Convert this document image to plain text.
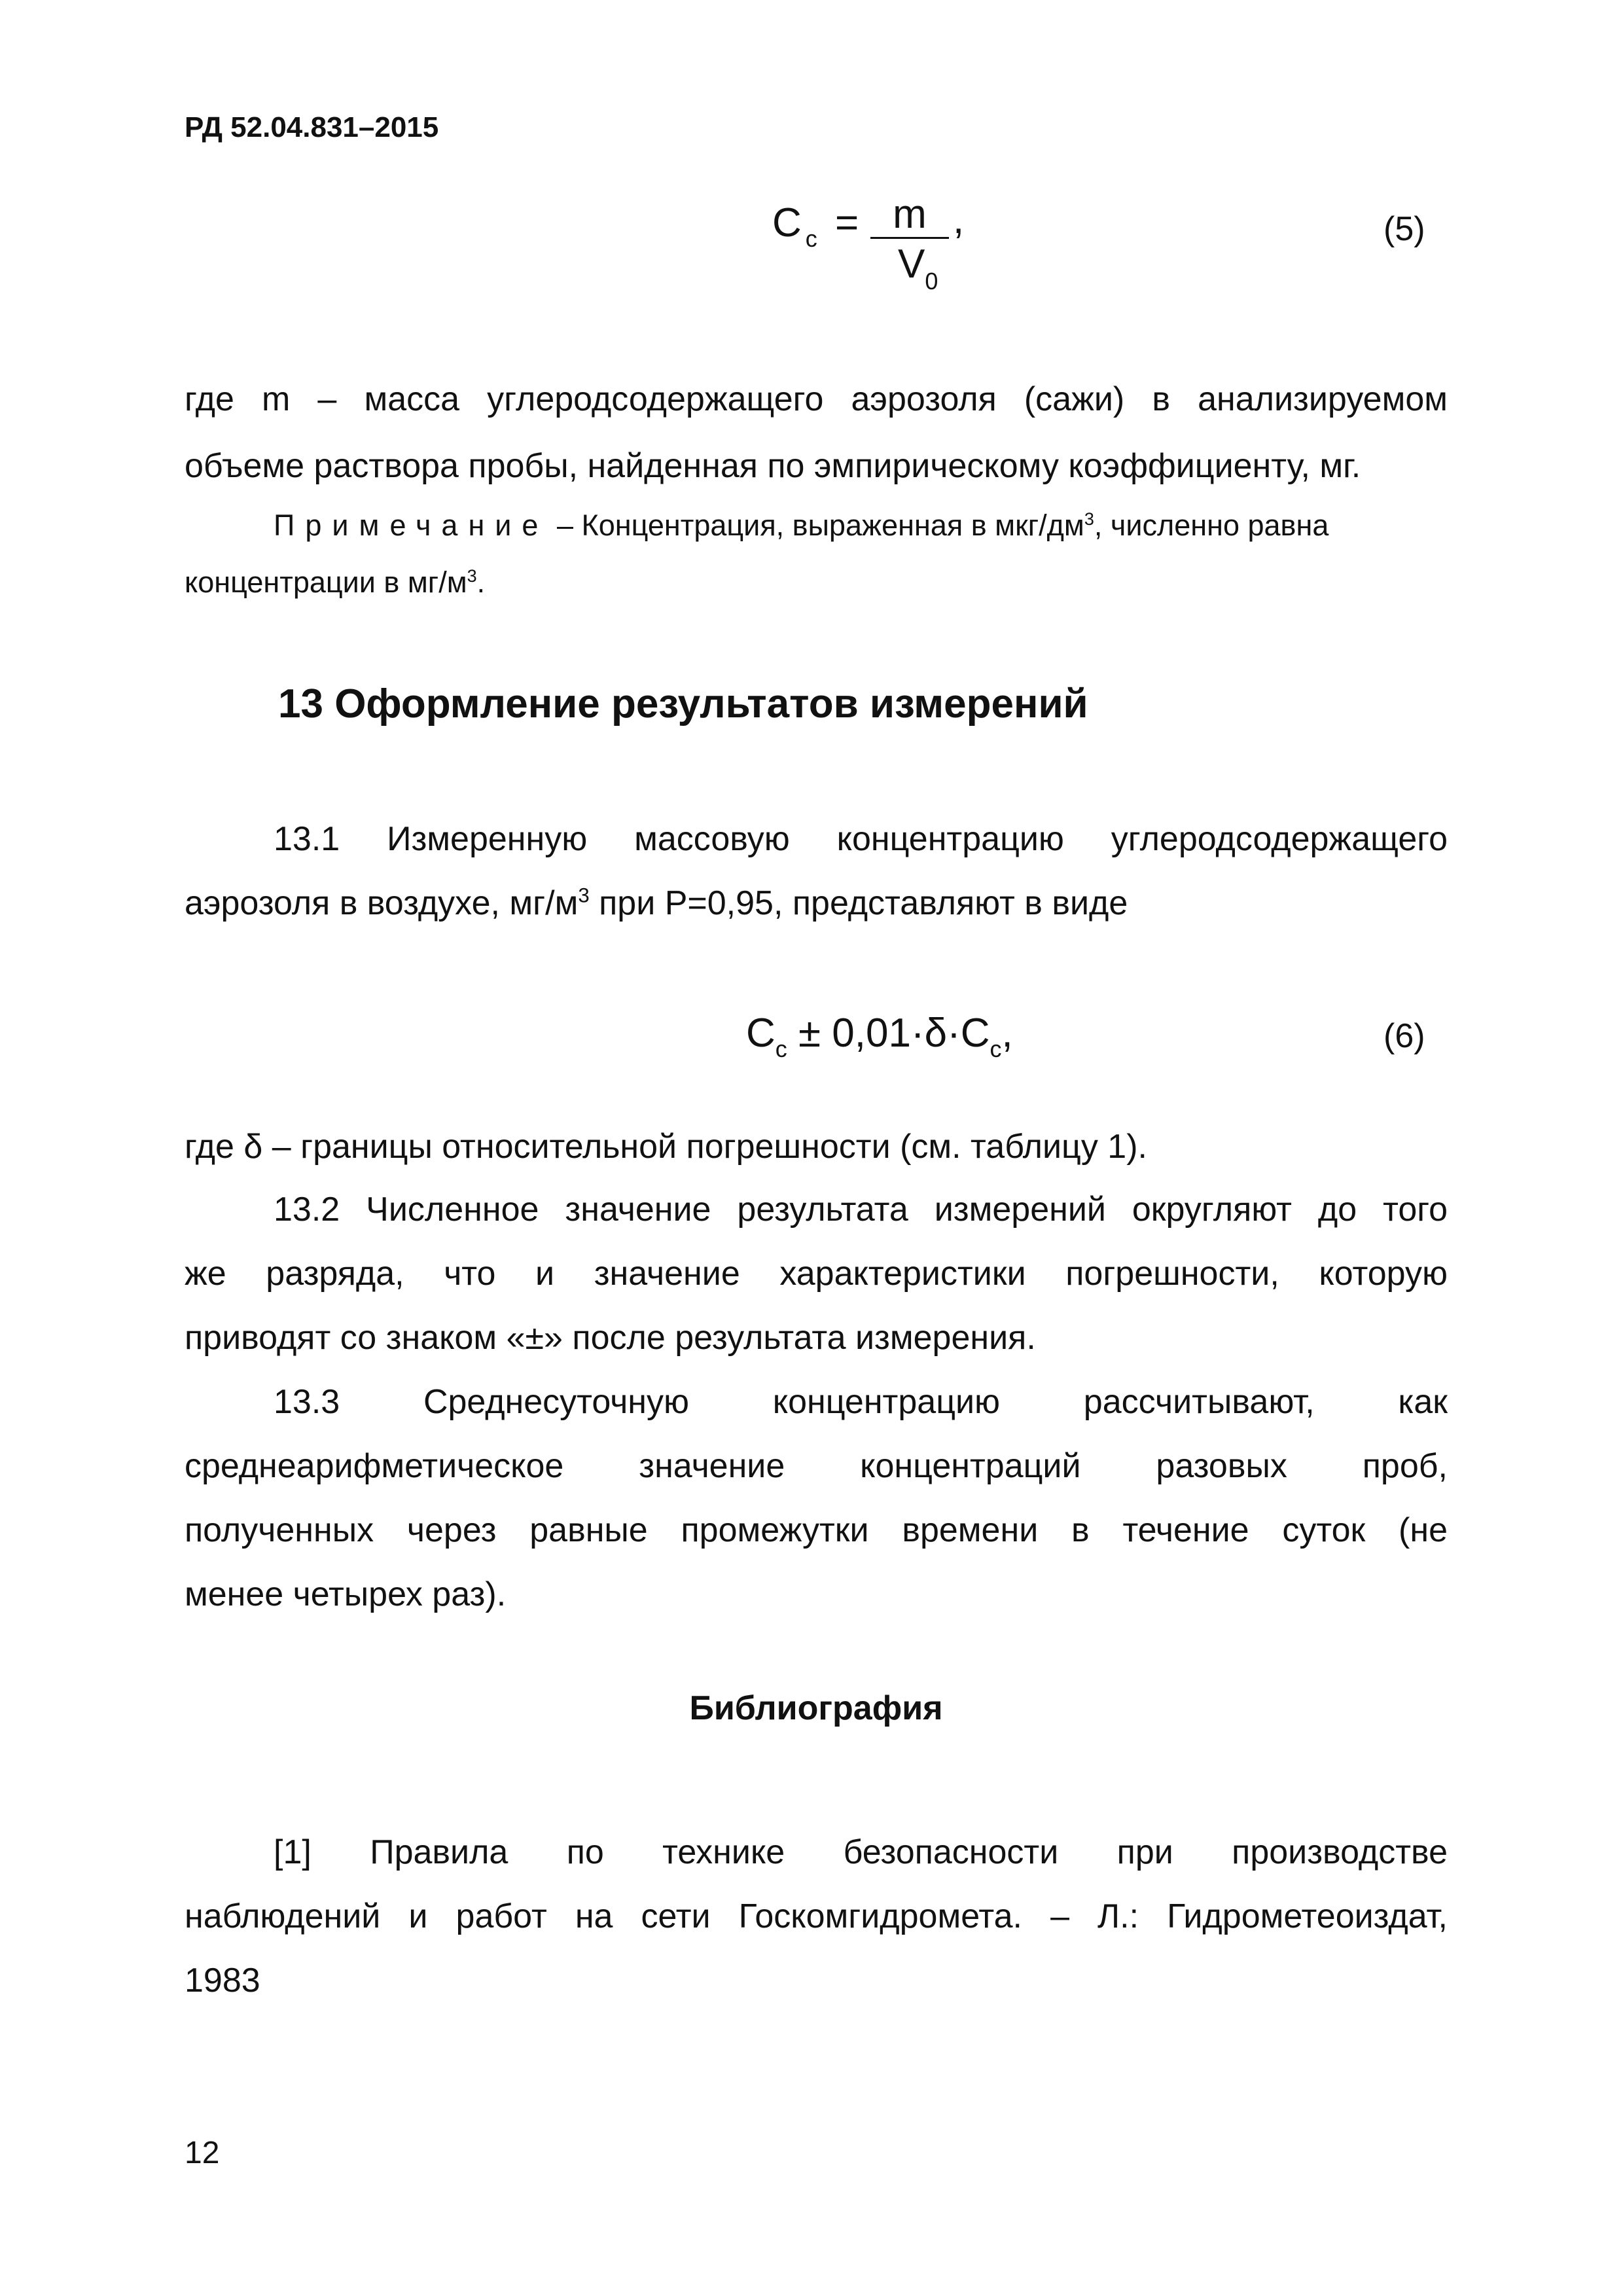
РД 52.04.831–2015
C $_c$ = m
$V_0$
,	(5)
где m – масса углеродсодержащего аэрозоля (сажи) в анализируемом
объеме раствора пробы, найденная по эмпирическому коэффициенту, мг.
Примечание – Концентрация, выраженная в мкг/$дм^3$, численно равна
концентрации в $мг/м^3$.
13 Оформление результатов измерений
13.1 Измеренную массовую концентрацию углеродсодержащего
аэрозоля в воздухе, $мг/м^3$ при P=0,95, представляют в виде
$C_c \pm 0,01\cdot\delta\cdot C_c$,	(6)
где δ – границы относительной погрешности (см. таблицу 1).
13.2 Численное значение результата измерений округляют до того
же разряда, что и значение характеристики погрешности, которую
приводят со знаком «±» после результата измерения.
13.3 Среднесуточную концентрацию рассчитывают, как
среднеарифметическое значение концентраций разовых проб,
полученных через равные промежутки времени в течение суток (не
менее четырех раз).
Библиография
[1] Правила по технике безопасности при производстве
наблюдений и работ на сети Госкомгидромета. – Л.: Гидрометеоиздат,
1983
12
